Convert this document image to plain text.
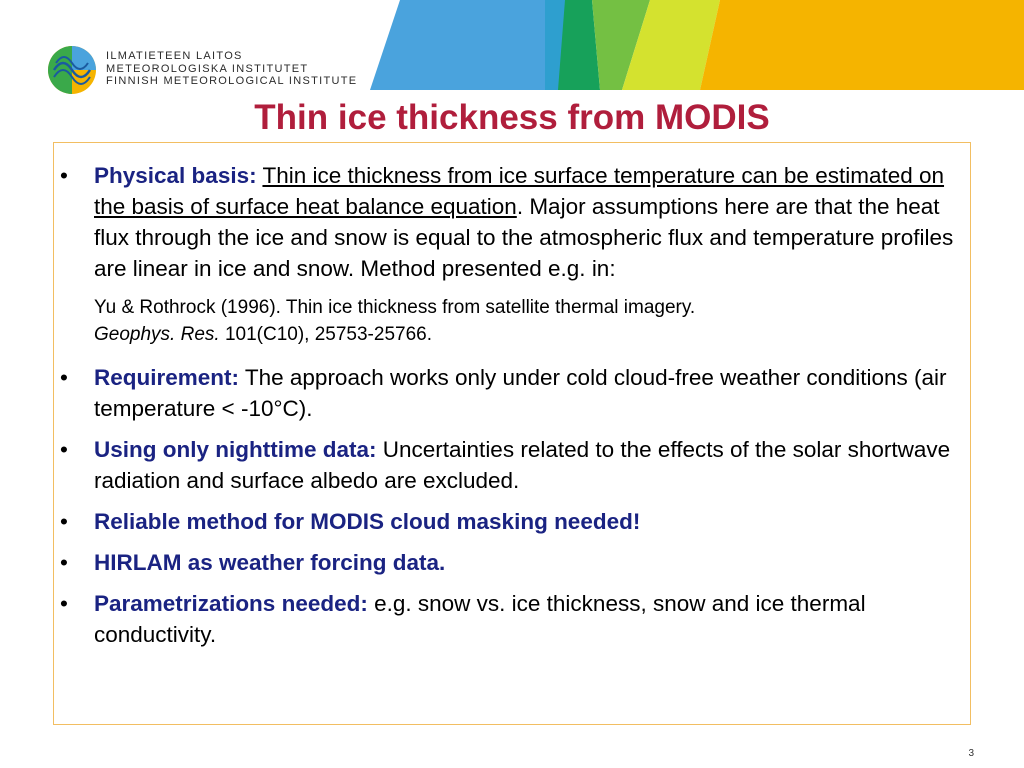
ILMATIETEEN LAITOS
METEOROLOGISKA INSTITUTET
FINNISH METEOROLOGICAL INSTITUTE
Thin ice thickness from MODIS
•	Physical basis: Thin ice thickness from ice surface temperature can be estimated on the basis of surface heat balance equation. Major assumptions here are that the heat flux through the ice and snow is equal to the atmospheric flux and temperature profiles are linear in ice and snow. Method presented e.g. in:
Yu & Rothrock (1996). Thin ice thickness from satellite thermal imagery.
Geophys. Res. 101(C10), 25753-25766.
•	Requirement: The approach works only under cold cloud-free weather conditions (air temperature < -10°C).
•	Using only nighttime data: Uncertainties related to the effects of the solar shortwave radiation and surface albedo are excluded.
•	Reliable method for MODIS cloud masking needed!
•	HIRLAM as weather forcing data.
•	Parametrizations needed: e.g. snow vs. ice thickness, snow and ice thermal conductivity.
3
